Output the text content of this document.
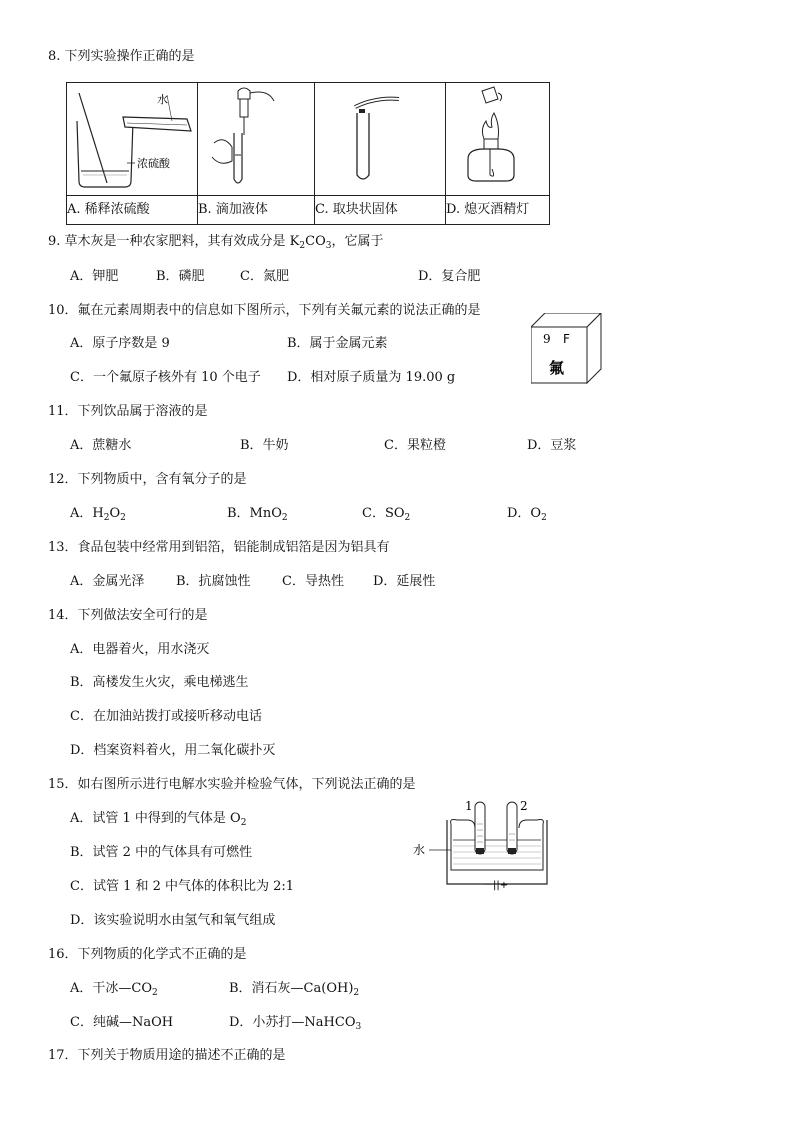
8. 下列实验操作正确的是
水
浓硫酸

A. 稀释浓硫酸	B. 滴加液体	C. 取块状固体	D. 熄灭酒精灯
9. 草木灰是一种农家肥料，其有效成分是 $K_2CO_3$，它属于
A．钾肥	B．磷肥	C．氮肥	D．复合肥
10．氟在元素周期表中的信息如下图所示，下列有关氟元素的说法正确的是
A．原子序数是 9	B．属于金属元素
C．一个氟原子核外有 10 个电子 D．相对原子质量为 19.00 g
9 F
氟
11．下列饮品属于溶液的是
A．蔗糖水	B．牛奶	C．果粒橙	D．豆浆
12．下列物质中，含有氧分子的是
A．$H_2O_2$	B．MnO$_2$	C．$SO_2$	D．$O_2$
13．食品包装中经常用到铝箔，铝能制成铝箔是因为铝具有
A．金属光泽 B．抗腐蚀性 C．导热性 D．延展性
14．下列做法安全可行的是
A．电器着火，用水浇灭
B．高楼发生火灾，乘电梯逃生
C．在加油站拨打或接听移动电话
D．档案资料着火，用二氧化碳扑灭
15．如右图所示进行电解水实验并检验气体，下列说法正确的是
A．试管 1 中得到的气体是 $O_2$
B．试管 2 中的气体具有可燃性
C．试管 1 和 2 中气体的体积比为 2:1
D．该实验说明水由氢气和氧气组成
1	2
水
－||+
16．下列物质的化学式不正确的是
A．干冰$—CO_2$	B．消石灰$—Ca(OH)_2$
C．纯碱—NaOH	D．小苏打—NaHCO$_3$
17．下列关于物质用途的描述不正确的是
